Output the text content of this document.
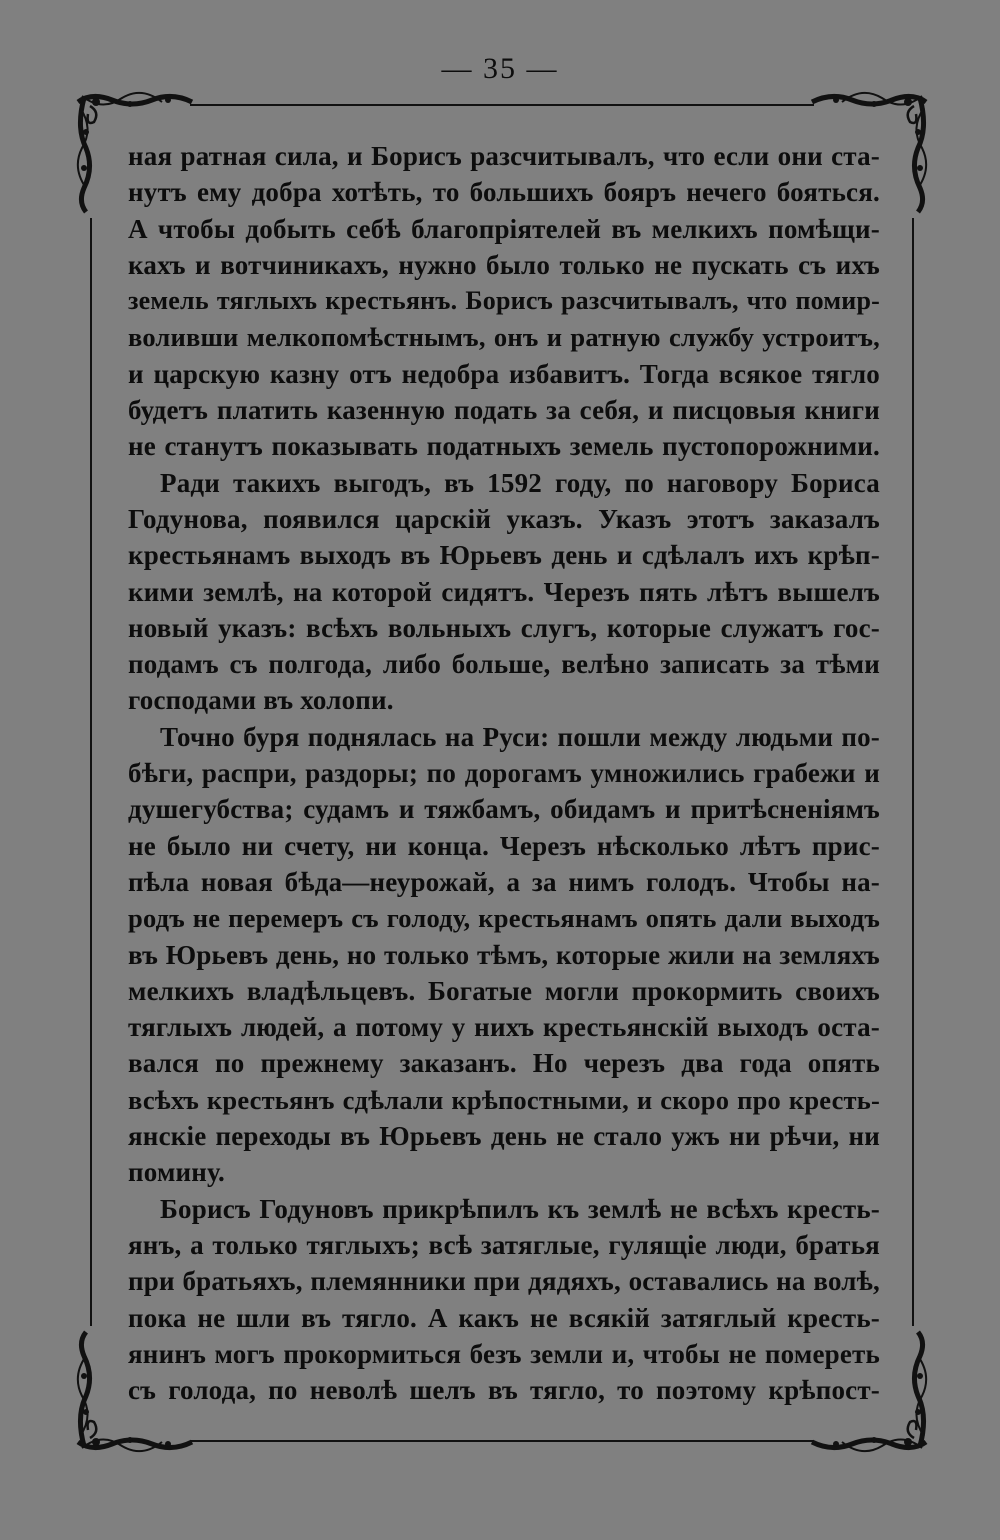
— 35 —
ная ратная сила, и Борисъ разсчитывалъ, что если они ста-
нутъ ему добра хотѣть, то большихъ бояръ нечего бояться.
А чтобы добыть себѣ благопріятелей въ мелкихъ помѣщи-
кахъ и вотчиникахъ, нужно было только не пускать съ ихъ
земель тяглыхъ крестьянъ. Борисъ разсчитывалъ, что помир-
воливши мелкопомѣстнымъ, онъ и ратную службу устроитъ,
и царскую казну отъ недобра избавитъ. Тогда всякое тягло
будетъ платить казенную подать за себя, и писцовыя книги
не станутъ показывать податныхъ земель пустопорожними.
Ради такихъ выгодъ, въ 1592 году, по наговору Бориса
Годунова, появился царскій указъ. Указъ этотъ заказалъ
крестьянамъ выходъ въ Юрьевъ день и сдѣлалъ ихъ крѣп-
кими землѣ, на которой сидятъ. Черезъ пять лѣтъ вышелъ
новый указъ: всѣхъ вольныхъ слугъ, которые служатъ гос-
подамъ съ полгода, либо больше, велѣно записать за тѣми
господами въ холопи.
Точно буря поднялась на Руси: пошли между людьми по-
бѣги, распри, раздоры; по дорогамъ умножились грабежи и
душегубства; судамъ и тяжбамъ, обидамъ и притѣсненіямъ
не было ни счету, ни конца. Черезъ нѣсколько лѣтъ прис-
пѣла новая бѣда—неурожай, а за нимъ голодъ. Чтобы на-
родъ не перемеръ съ голоду, крестьянамъ опять дали выходъ
въ Юрьевъ день, но только тѣмъ, которые жили на земляхъ
мелкихъ владѣльцевъ. Богатые могли прокормить своихъ
тяглыхъ людей, а потому у нихъ крестьянскій выходъ оста-
вался по прежнему заказанъ. Но черезъ два года опять
всѣхъ крестьянъ сдѣлали крѣпостными, и скоро про кресть-
янскіе переходы въ Юрьевъ день не стало ужъ ни рѣчи, ни
помину.
Борисъ Годуновъ прикрѣпилъ къ землѣ не всѣхъ кресть-
янъ, а только тяглыхъ; всѣ затяглые, гулящіе люди, братья
при братьяхъ, племянники при дядяхъ, оставались на волѣ,
пока не шли въ тягло. А какъ не всякій затяглый кресть-
янинъ могъ прокормиться безъ земли и, чтобы не помереть
съ голода, по неволѣ шелъ въ тягло, то поэтому крѣпост-
